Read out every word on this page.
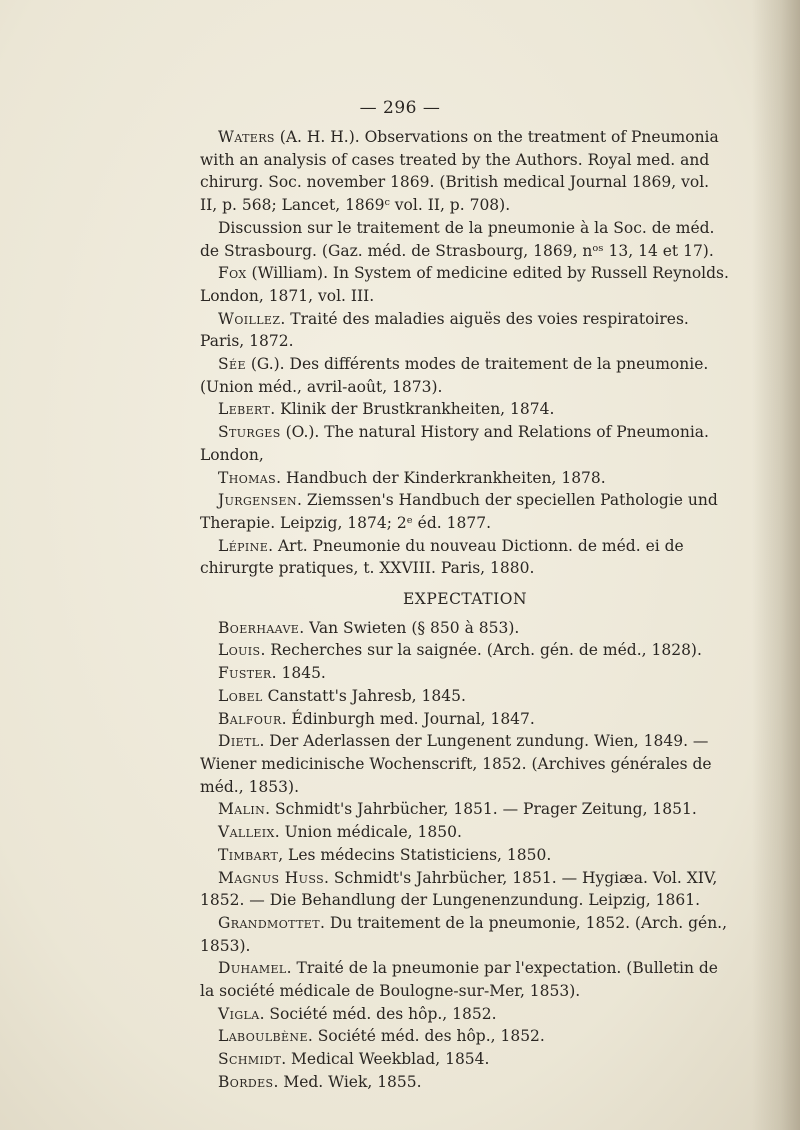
— 296 —

Waters (A. H. H.). Observations on the treatment of Pneumonia with an analysis of cases treated by the Authors. Royal med. and chirurg. Soc. november 1869. (British medical Journal 1869, vol. II, p. 568; Lancet, 1869ᶜ vol. II, p. 708).

Discussion sur le traitement de la pneumonie à la Soc. de méd. de Strasbourg. (Gaz. méd. de Strasbourg, 1869, nᵒˢ 13, 14 et 17).

Fox (William). In System of medicine edited by Russell Reynolds. London, 1871, vol. III.

Woillez. Traité des maladies aiguës des voies respiratoires. Paris, 1872.

Sée (G.). Des différents modes de traitement de la pneumonie. (Union méd., avril-août, 1873).

Lebert. Klinik der Brustkrankheiten, 1874.

Sturges (O.). The natural History and Relations of Pneumonia. London,

Thomas. Handbuch der Kinderkrankheiten, 1878.

Jurgensen. Ziemssen's Handbuch der speciellen Pathologie und Therapie. Leipzig, 1874; 2ᵉ éd. 1877.

Lépine. Art. Pneumonie du nouveau Dictionn. de méd. ei de chirurgte pratiques, t. XXVIII. Paris, 1880.

EXPECTATION

Boerhaave. Van Swieten (§ 850 à 853).

Louis. Recherches sur la saignée. (Arch. gén. de méd., 1828).

Fuster. 1845.

Lobel Canstatt's Jahresb, 1845.

Balfour. Édinburgh med. Journal, 1847.

Dietl. Der Aderlassen der Lungenent zundung. Wien, 1849. — Wiener medicinische Wochenscrift, 1852. (Archives générales de méd., 1853).

Malin. Schmidt's Jahrbücher, 1851. — Prager Zeitung, 1851.

Valleix. Union médicale, 1850.

Timbart, Les médecins Statisticiens, 1850.

Magnus Huss. Schmidt's Jahrbücher, 1851. — Hygiæa. Vol. XIV, 1852. — Die Behandlung der Lungenenzundung. Leipzig, 1861.

Grandmottet. Du traitement de la pneumonie, 1852. (Arch. gén., 1853).

Duhamel. Traité de la pneumonie par l'expectation. (Bulletin de la société médicale de Boulogne-sur-Mer, 1853).

Vigla. Société méd. des hôp., 1852.

Laboulbène. Société méd. des hôp., 1852.

Schmidt. Medical Weekblad, 1854.

Bordes. Med. Wiek, 1855.
